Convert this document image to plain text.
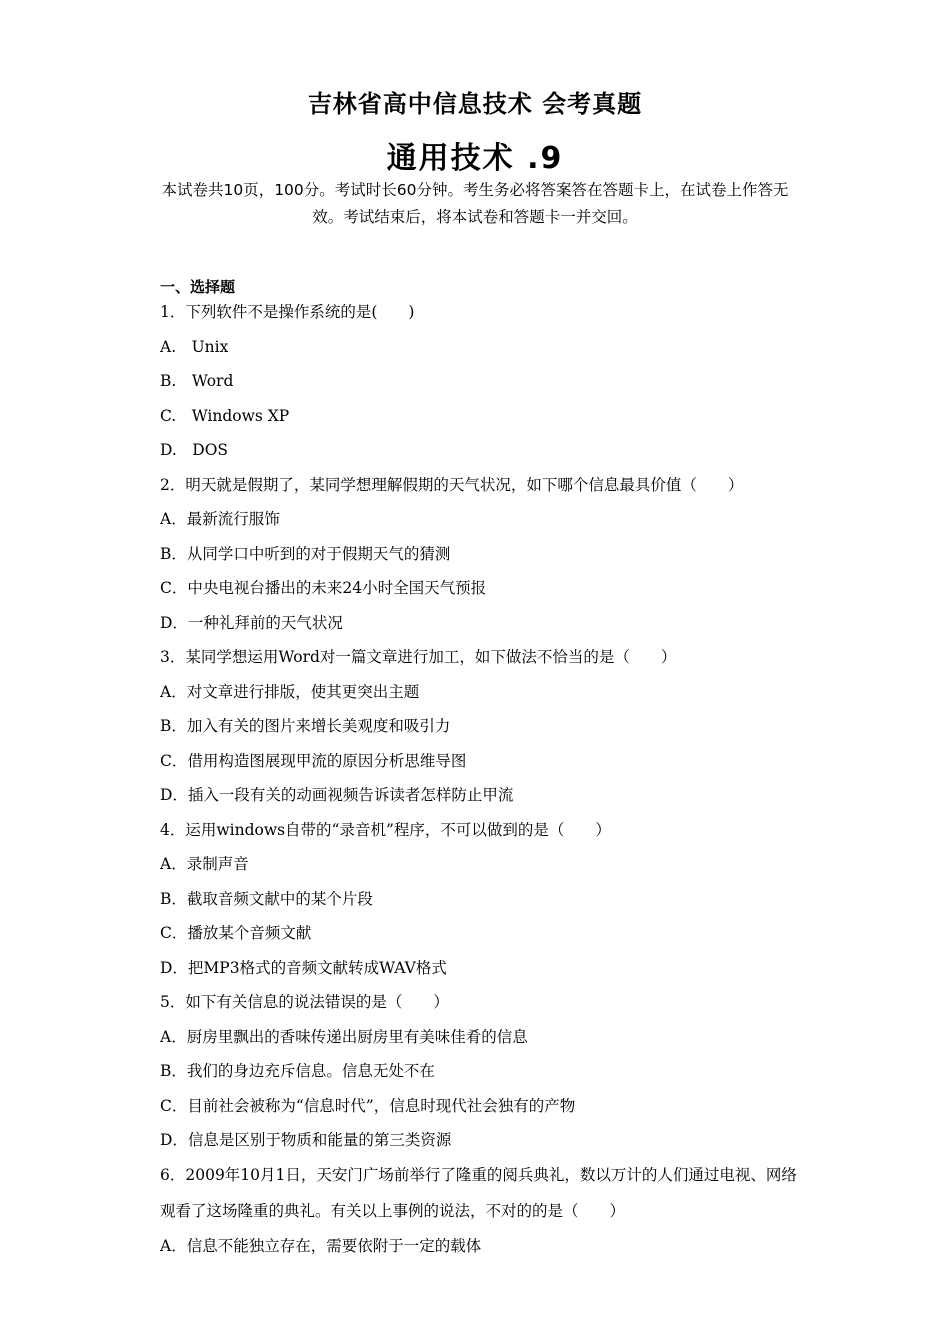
吉林省高中信息技术 会考真题
通用技术 .9

本试卷共10页，100分。考试时长60分钟。考生务必将答案答在答题卡上，在试卷上作答无效。考试结束后，将本试卷和答题卡一并交回。

一、选择题

1．下列软件不是操作系统的是(　　)

A.　Unix

B.　Word

C.　Windows XP

D.　DOS

2．明天就是假期了，某同学想理解假期的天气状况，如下哪个信息最具价值（　　）

A．最新流行服饰

B．从同学口中听到的对于假期天气的猜测

C．中央电视台播出的未来24小时全国天气预报

D．一种礼拜前的天气状况

3．某同学想运用Word对一篇文章进行加工，如下做法不恰当的是（　　）

A．对文章进行排版，使其更突出主题

B．加入有关的图片来增长美观度和吸引力

C．借用构造图展现甲流的原因分析思维导图

D．插入一段有关的动画视频告诉读者怎样防止甲流

4．运用windows自带的“录音机”程序，不可以做到的是（　　）

A．录制声音

B．截取音频文献中的某个片段

C．播放某个音频文献

D．把MP3格式的音频文献转成WAV格式

5．如下有关信息的说法错误的是（　　）

A．厨房里飘出的香味传递出厨房里有美味佳肴的信息

B．我们的身边充斥信息。信息无处不在

C．目前社会被称为“信息时代”，信息时现代社会独有的产物

D．信息是区别于物质和能量的第三类资源

6．2009年10月1日，天安门广场前举行了隆重的阅兵典礼，数以万计的人们通过电视、网络观看了这场隆重的典礼。有关以上事例的说法，不对的的是（　　）

A．信息不能独立存在，需要依附于一定的载体
